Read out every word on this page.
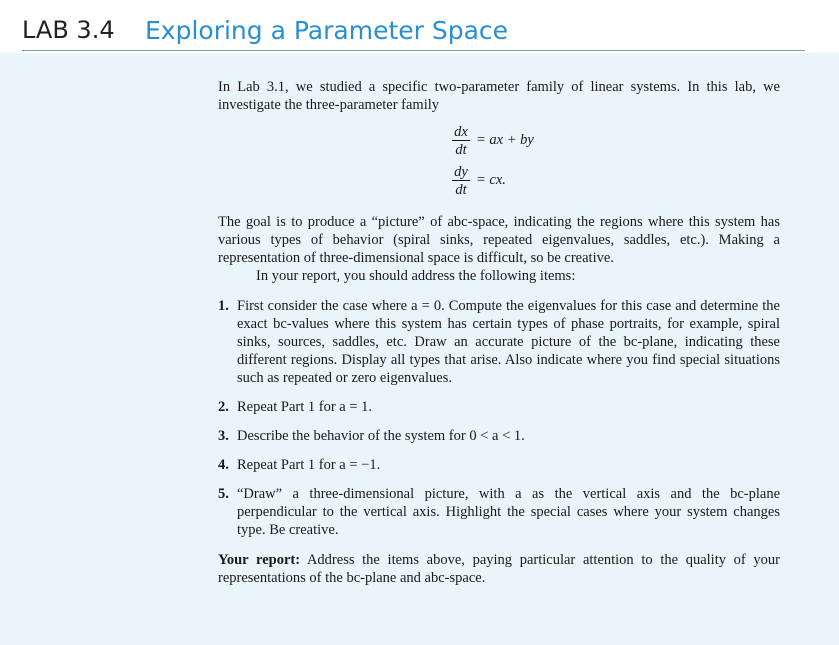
LAB 3.4 Exploring a Parameter Space

In Lab 3.1, we studied a specific two-parameter family of linear systems. In this lab, we investigate the three-parameter family

dx
dt
= ax + by
dy
dt
= cx.

The goal is to produce a “picture” of abc-space, indicating the regions where this system has various types of behavior (spiral sinks, repeated eigenvalues, saddles, etc.). Making a representation of three-dimensional space is difficult, so be creative.

In your report, you should address the following items:

1. First consider the case where a = 0. Compute the eigenvalues for this case and determine the exact bc-values where this system has certain types of phase portraits, for example, spiral sinks, sources, saddles, etc. Draw an accurate picture of the bc-plane, indicating these different regions. Display all types that arise. Also indicate where you find special situations such as repeated or zero eigenvalues.
2. Repeat Part 1 for a = 1.
3. Describe the behavior of the system for 0 < a < 1.
4. Repeat Part 1 for a = −1.
5. “Draw” a three-dimensional picture, with a as the vertical axis and the bc-plane perpendicular to the vertical axis. Highlight the special cases where your system changes type. Be creative.

Your report: Address the items above, paying particular attention to the quality of your representations of the bc-plane and abc-space.
